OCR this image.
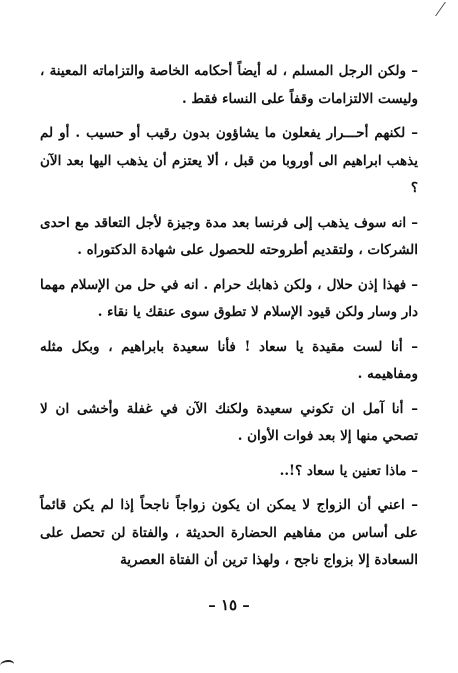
– ولكن الرجل المسلم ، له أيضاً أحكامه الخاصة والتزاماته المعينة ، وليست الالتزامات وقفاً على النساء فقط .

– لكنهم أحـــرار يفعلون ما يشاؤون بدون رقيب أو حسيب . أو لم يذهب ابراهيم الى أوروبا من قبل ، ألا يعتزم أن يذهب اليها بعد الآن ؟

– انه سوف يذهب إلى فرنسا بعد مدة وجيزة لأجل التعاقد مع احدى الشركات ، ولتقديم أطروحته للحصول على شهادة الدكتوراه .

– فهذا إذن حلال ، ولكن ذهابك حرام . انه في حل من الإسلام مهما دار وسار ولكن قيود الإسلام لا تطوق سوى عنقك يا نقاء .

– أنا لست مقيدة يا سعاد ! فأنا سعيدة بابراهيم ، وبكل مثله ومفاهيمه .

– أنا آمل ان تكوني سعيدة ولكنك الآن في غفلة وأخشى ان لا تصحي منها إلا بعد فوات الأوان .

– ماذا تعنين يا سعاد ؟!..

– اعني أن الزواج لا يمكن ان يكون زواجاً ناجحاً إذا لم يكن قائماً على أساس من مفاهيم الحضارة الحديثة ، والفتاة لن تحصل على السعادة إلا بزواج ناجح ، ولهذا ترين أن الفتاة العصرية

– ١٥ –
